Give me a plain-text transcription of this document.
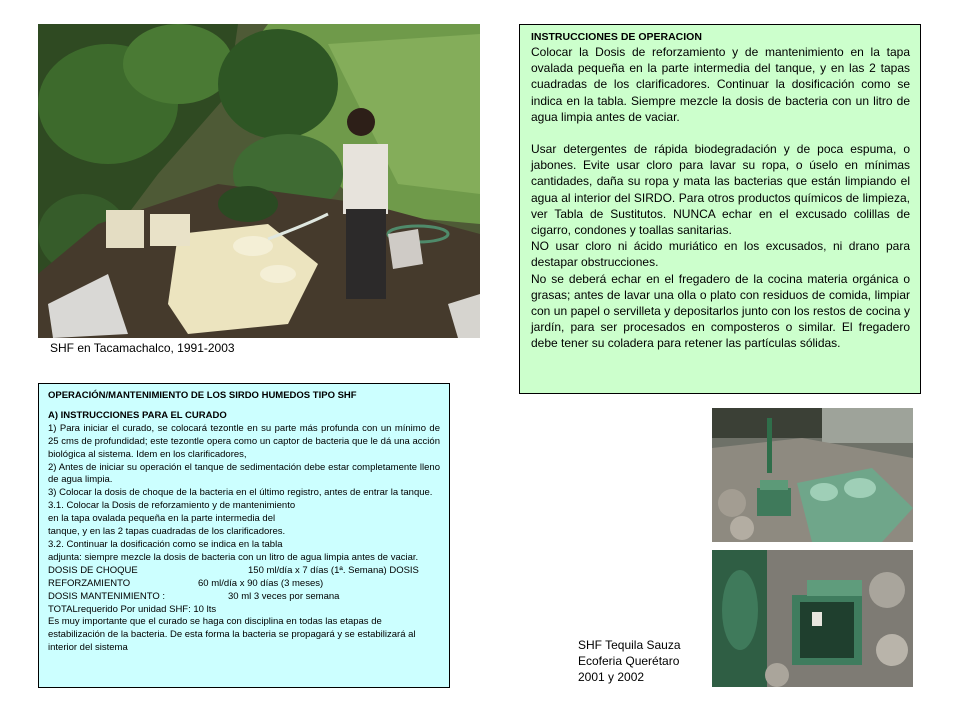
SHF en Tacamachalco, 1991-2003

INSTRUCCIONES DE OPERACION

Colocar la Dosis de reforzamiento y de mantenimiento en la tapa ovalada pequeña en la parte intermedia del tanque, y en las 2 tapas cuadradas de los clarificadores. Continuar la dosificación como se indica en la tabla. Siempre mezcle la dosis de bacteria con un litro de agua limpia antes de vaciar.

Usar detergentes de rápida biodegradación y de poca espuma, o jabones. Evite usar cloro para lavar su ropa, o úselo en mínimas cantidades, daña su ropa y mata las bacterias que están limpiando el agua al interior del SIRDO. Para otros productos químicos de limpieza, ver Tabla de Sustitutos. NUNCA echar en el excusado colillas de cigarro, condones y toallas sanitarias.

NO usar cloro ni ácido muriático en los excusados, ni drano para destapar obstrucciones.

No se deberá echar en el fregadero de la cocina materia orgánica o grasas; antes de lavar una olla o plato con residuos de comida, limpiar con un papel o servilleta y depositarlos junto con los restos de cocina y jardín, para ser procesados en composteros o similar. El fregadero debe tener su coladera para retener las partículas sólidas.

OPERACIÓN/MANTENIMIENTO DE LOS SIRDO HUMEDOS TIPO SHF

A) INSTRUCCIONES PARA EL CURADO

1) Para iniciar el curado, se colocará tezontle en su parte más profunda con un mínimo de 25 cms de profundidad; este tezontle opera como un captor de bacteria que le dá una acción biológica al sistema. Idem en los clarificadores,

2) Antes de iniciar su operación el tanque de sedimentación debe estar completamente lleno de agua limpia.

3) Colocar la dosis de choque de la bacteria en el último registro, antes de entrar la tanque.

3.1. Colocar la Dosis de reforzamiento y de mantenimiento

en la tapa ovalada pequeña en la parte intermedia del

tanque, y en las 2 tapas cuadradas de los clarificadores.

3.2. Continuar la dosificación como se indica en la tabla

adjunta: siempre mezcle la dosis de bacteria con un litro de agua limpia antes de vaciar.

DOSIS DE CHOQUE	150 ml/día x 7 días (1ª. Semana) DOSIS
REFORZAMIENTO	60 ml/día x 90 días (3 meses)
DOSIS MANTENIMIENTO :	30 ml 3 veces por semana

TOTALrequerido Por unidad SHF: 10 lts

Es muy importante que el curado se haga con disciplina en todas las etapas de estabilización de la bacteria. De esta forma la bacteria se propagará y se estabilizará al interior del sistema	SHF Tequila Sauza
Ecoferia Querétaro
2001 y 2002
